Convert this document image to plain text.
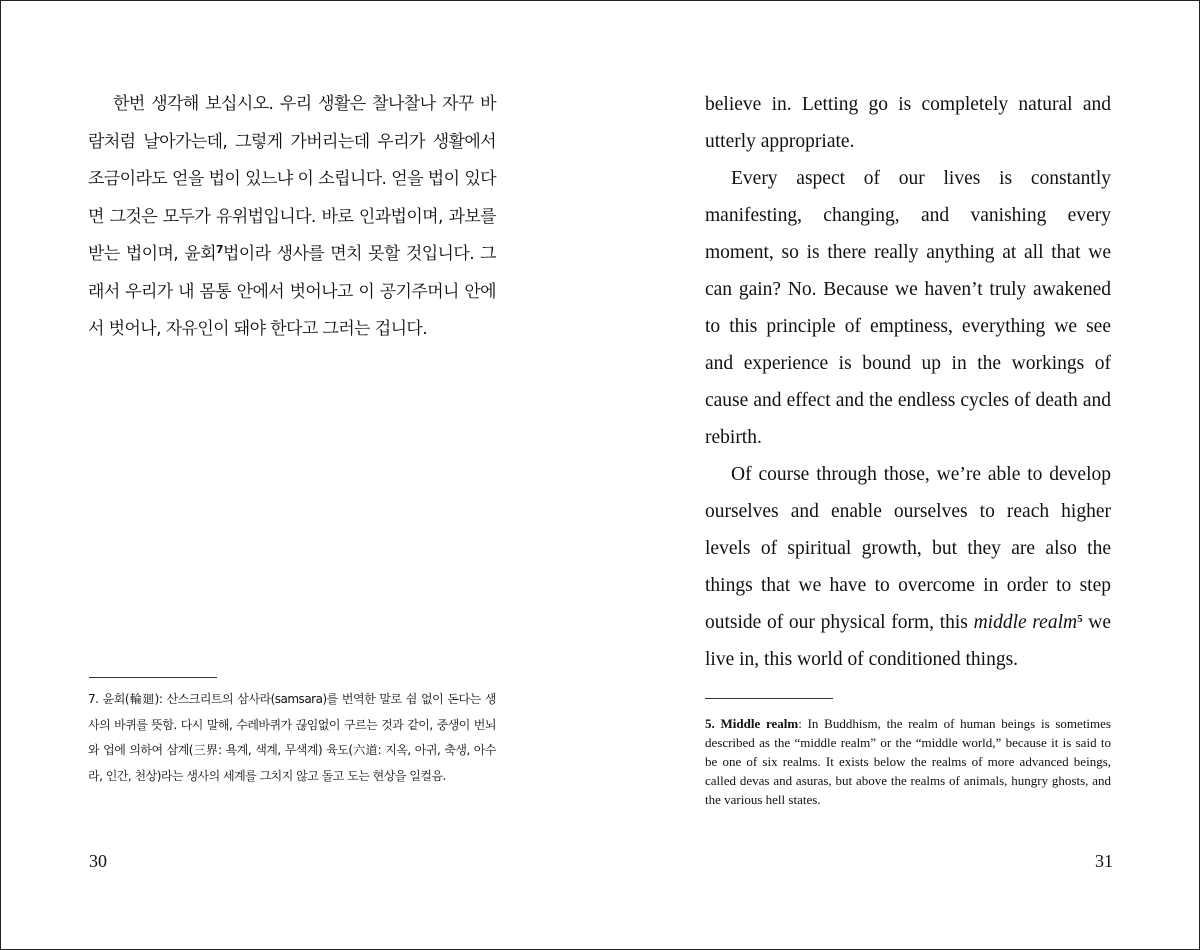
한번 생각해 보십시오. 우리 생활은 찰나찰나 자꾸 바람처럼 날아가는데, 그렇게 가버리는데 우리가 생활에서 조금이라도 얻을 법이 있느냐 이 소립니다. 얻을 법이 있다면 그것은 모두가 유위법입니다. 바로 인과법이며, 과보를 받는 법이며, 윤회$^7$법이라 생사를 면치 못할 것입니다. 그래서 우리가 내 몸통 안에서 벗어나고 이 공기주머니 안에서 벗어나, 자유인이 돼야 한다고 그러는 겁니다.

7. 윤회(輪廻): 산스크리트의 삼사라(samsara)를 번역한 말로 쉼 없이 돈다는 생사의 바퀴를 뜻함. 다시 말해, 수레바퀴가 끊임없이 구르는 것과 같이, 중생이 번뇌와 업에 의하여 삼계(三界: 욕계, 색계, 무색계) 육도(六道: 지옥, 아귀, 축생, 아수라, 인간, 천상)라는 생사의 세계를 그치지 않고 돌고 도는 현상을 일컬음.

30

believe in. Letting go is completely natural and utterly appropriate.

Every aspect of our lives is constantly manifesting, changing, and vanishing every moment, so is there really anything at all that we can gain? No. Because we haven’t truly awakened to this principle of emptiness, everything we see and experience is bound up in the workings of cause and effect and the endless cycles of death and rebirth.

Of course through those, we’re able to develop ourselves and enable ourselves to reach higher levels of spiritual growth, but they are also the things that we have to overcome in order to step outside of our physical form, this middle realm$^5$ we live in, this world of conditioned things.

5. Middle realm: In Buddhism, the realm of human beings is sometimes described as the “middle realm” or the “middle world,” because it is said to be one of six realms. It exists below the realms of more advanced beings, called devas and asuras, but above the realms of animals, hungry ghosts, and the various hell states.

31
